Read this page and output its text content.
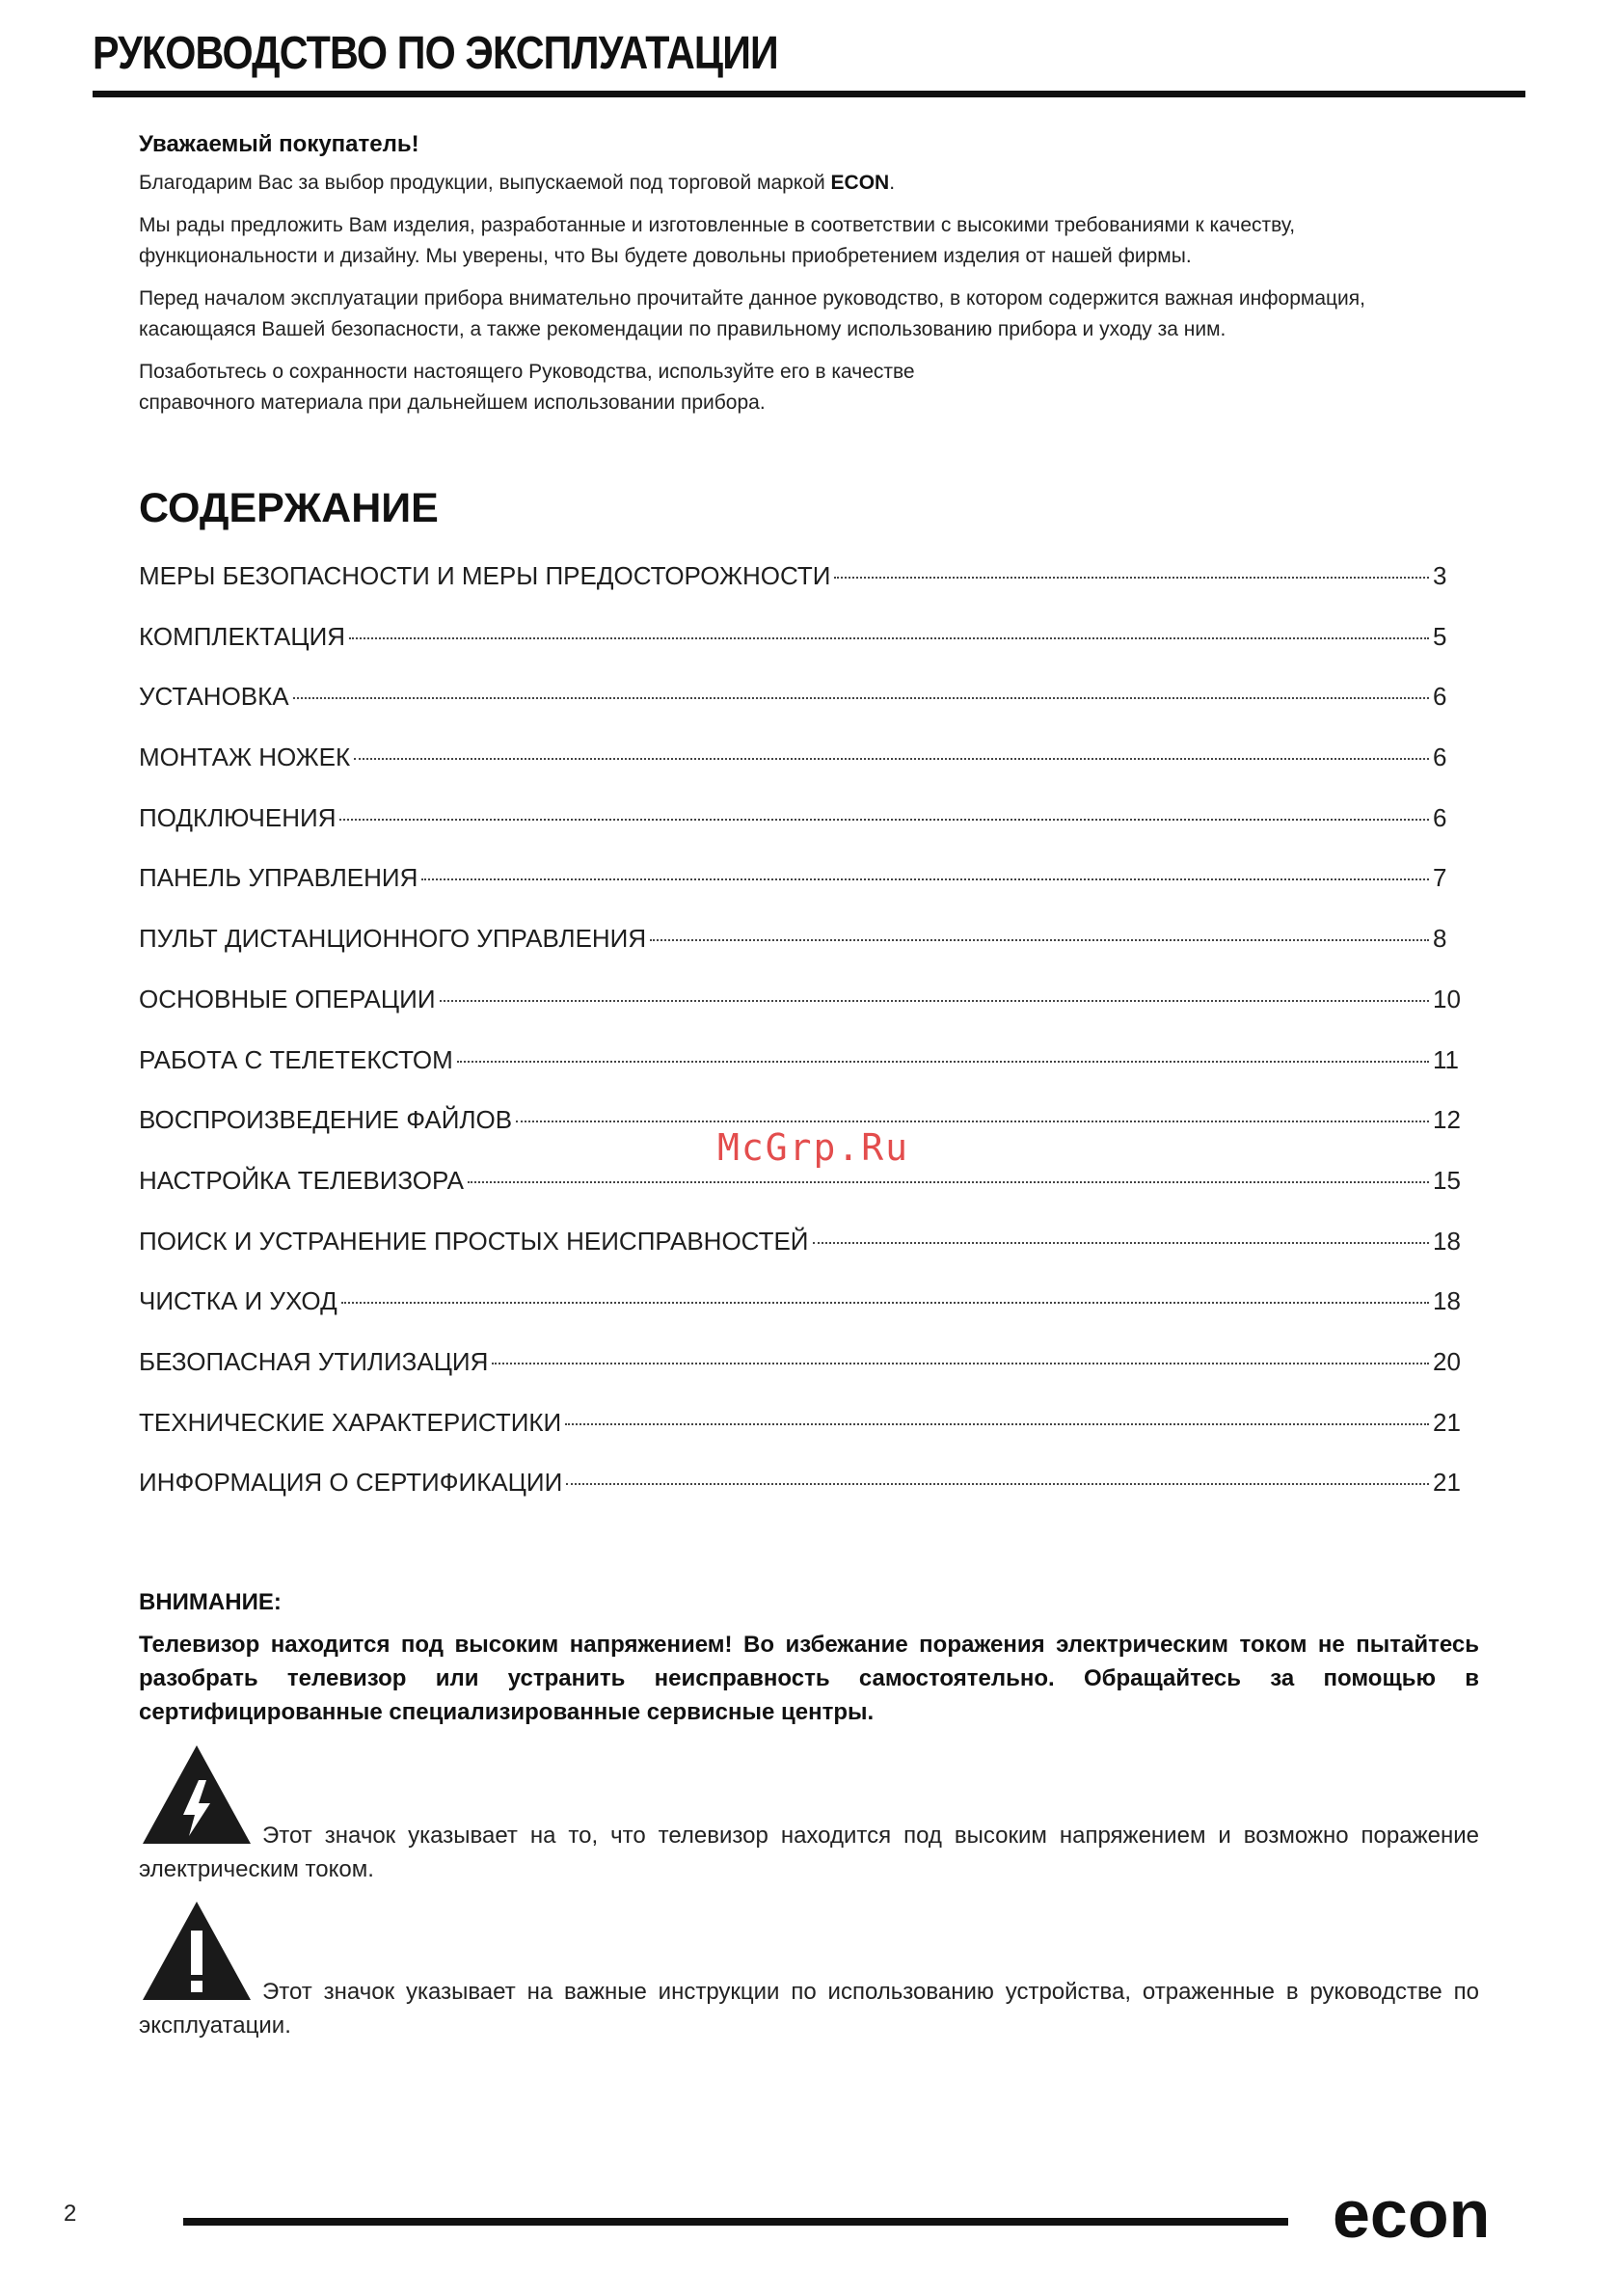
РУКОВОДСТВО ПО ЭКСПЛУАТАЦИИ
Уважаемый покупатель!

Благодарим Вас за выбор продукции, выпускаемой под торговой маркой ECON.

Мы рады предложить Вам изделия, разработанные и изготовленные в соответствии с высокими требованиями к качеству, функциональности и дизайну. Мы уверены, что Вы будете довольны приобретением изделия от нашей фирмы.

Перед началом эксплуатации прибора внимательно прочитайте данное руководство, в котором содержится важная информация, касающаяся Вашей безопасности, а также рекомендации по правильному использованию прибора и уходу за ним.

Позаботьтесь о сохранности настоящего Руководства, используйте его в качестве
справочного материала при дальнейшем использовании прибора.

СОДЕРЖАНИЕ
МЕРЫ БЕЗОПАСНОСТИ И МЕРЫ ПРЕДОСТОРОЖНОСТИ	3
КОМПЛЕКТАЦИЯ	5
УСТАНОВКА	6
МОНТАЖ НОЖЕК	6
ПОДКЛЮЧЕНИЯ	6
ПАНЕЛЬ УПРАВЛЕНИЯ	7
ПУЛЬТ ДИСТАНЦИОННОГО УПРАВЛЕНИЯ	8
ОСНОВНЫЕ ОПЕРАЦИИ	10
РАБОТА С ТЕЛЕТЕКСТОМ	11
ВОСПРОИЗВЕДЕНИЕ ФАЙЛОВ	12
НАСТРОЙКА ТЕЛЕВИЗОРА	15
ПОИСК И УСТРАНЕНИЕ ПРОСТЫХ НЕИСПРАВНОСТЕЙ	18
ЧИСТКА И УХОД	18
БЕЗОПАСНАЯ УТИЛИЗАЦИЯ	20
ТЕХНИЧЕСКИЕ ХАРАКТЕРИСТИКИ	21
ИНФОРМАЦИЯ О СЕРТИФИКАЦИИ	21
McGrp.Ru
ВНИМАНИЕ:
Телевизор находится под высоким напряжением! Во избежание поражения электрическим током не пытайтесь разобрать телевизор или устранить неисправность самостоятельно. Обращайтесь за помощью в сертифицированные специализированные сервисные центры.
Этот значок указывает на то, что телевизор находится под высоким напряжением и возможно поражение электрическим током.
Этот значок указывает на важные инструкции по использованию устройства, отраженные в руководстве по эксплуатации.
2	econ
